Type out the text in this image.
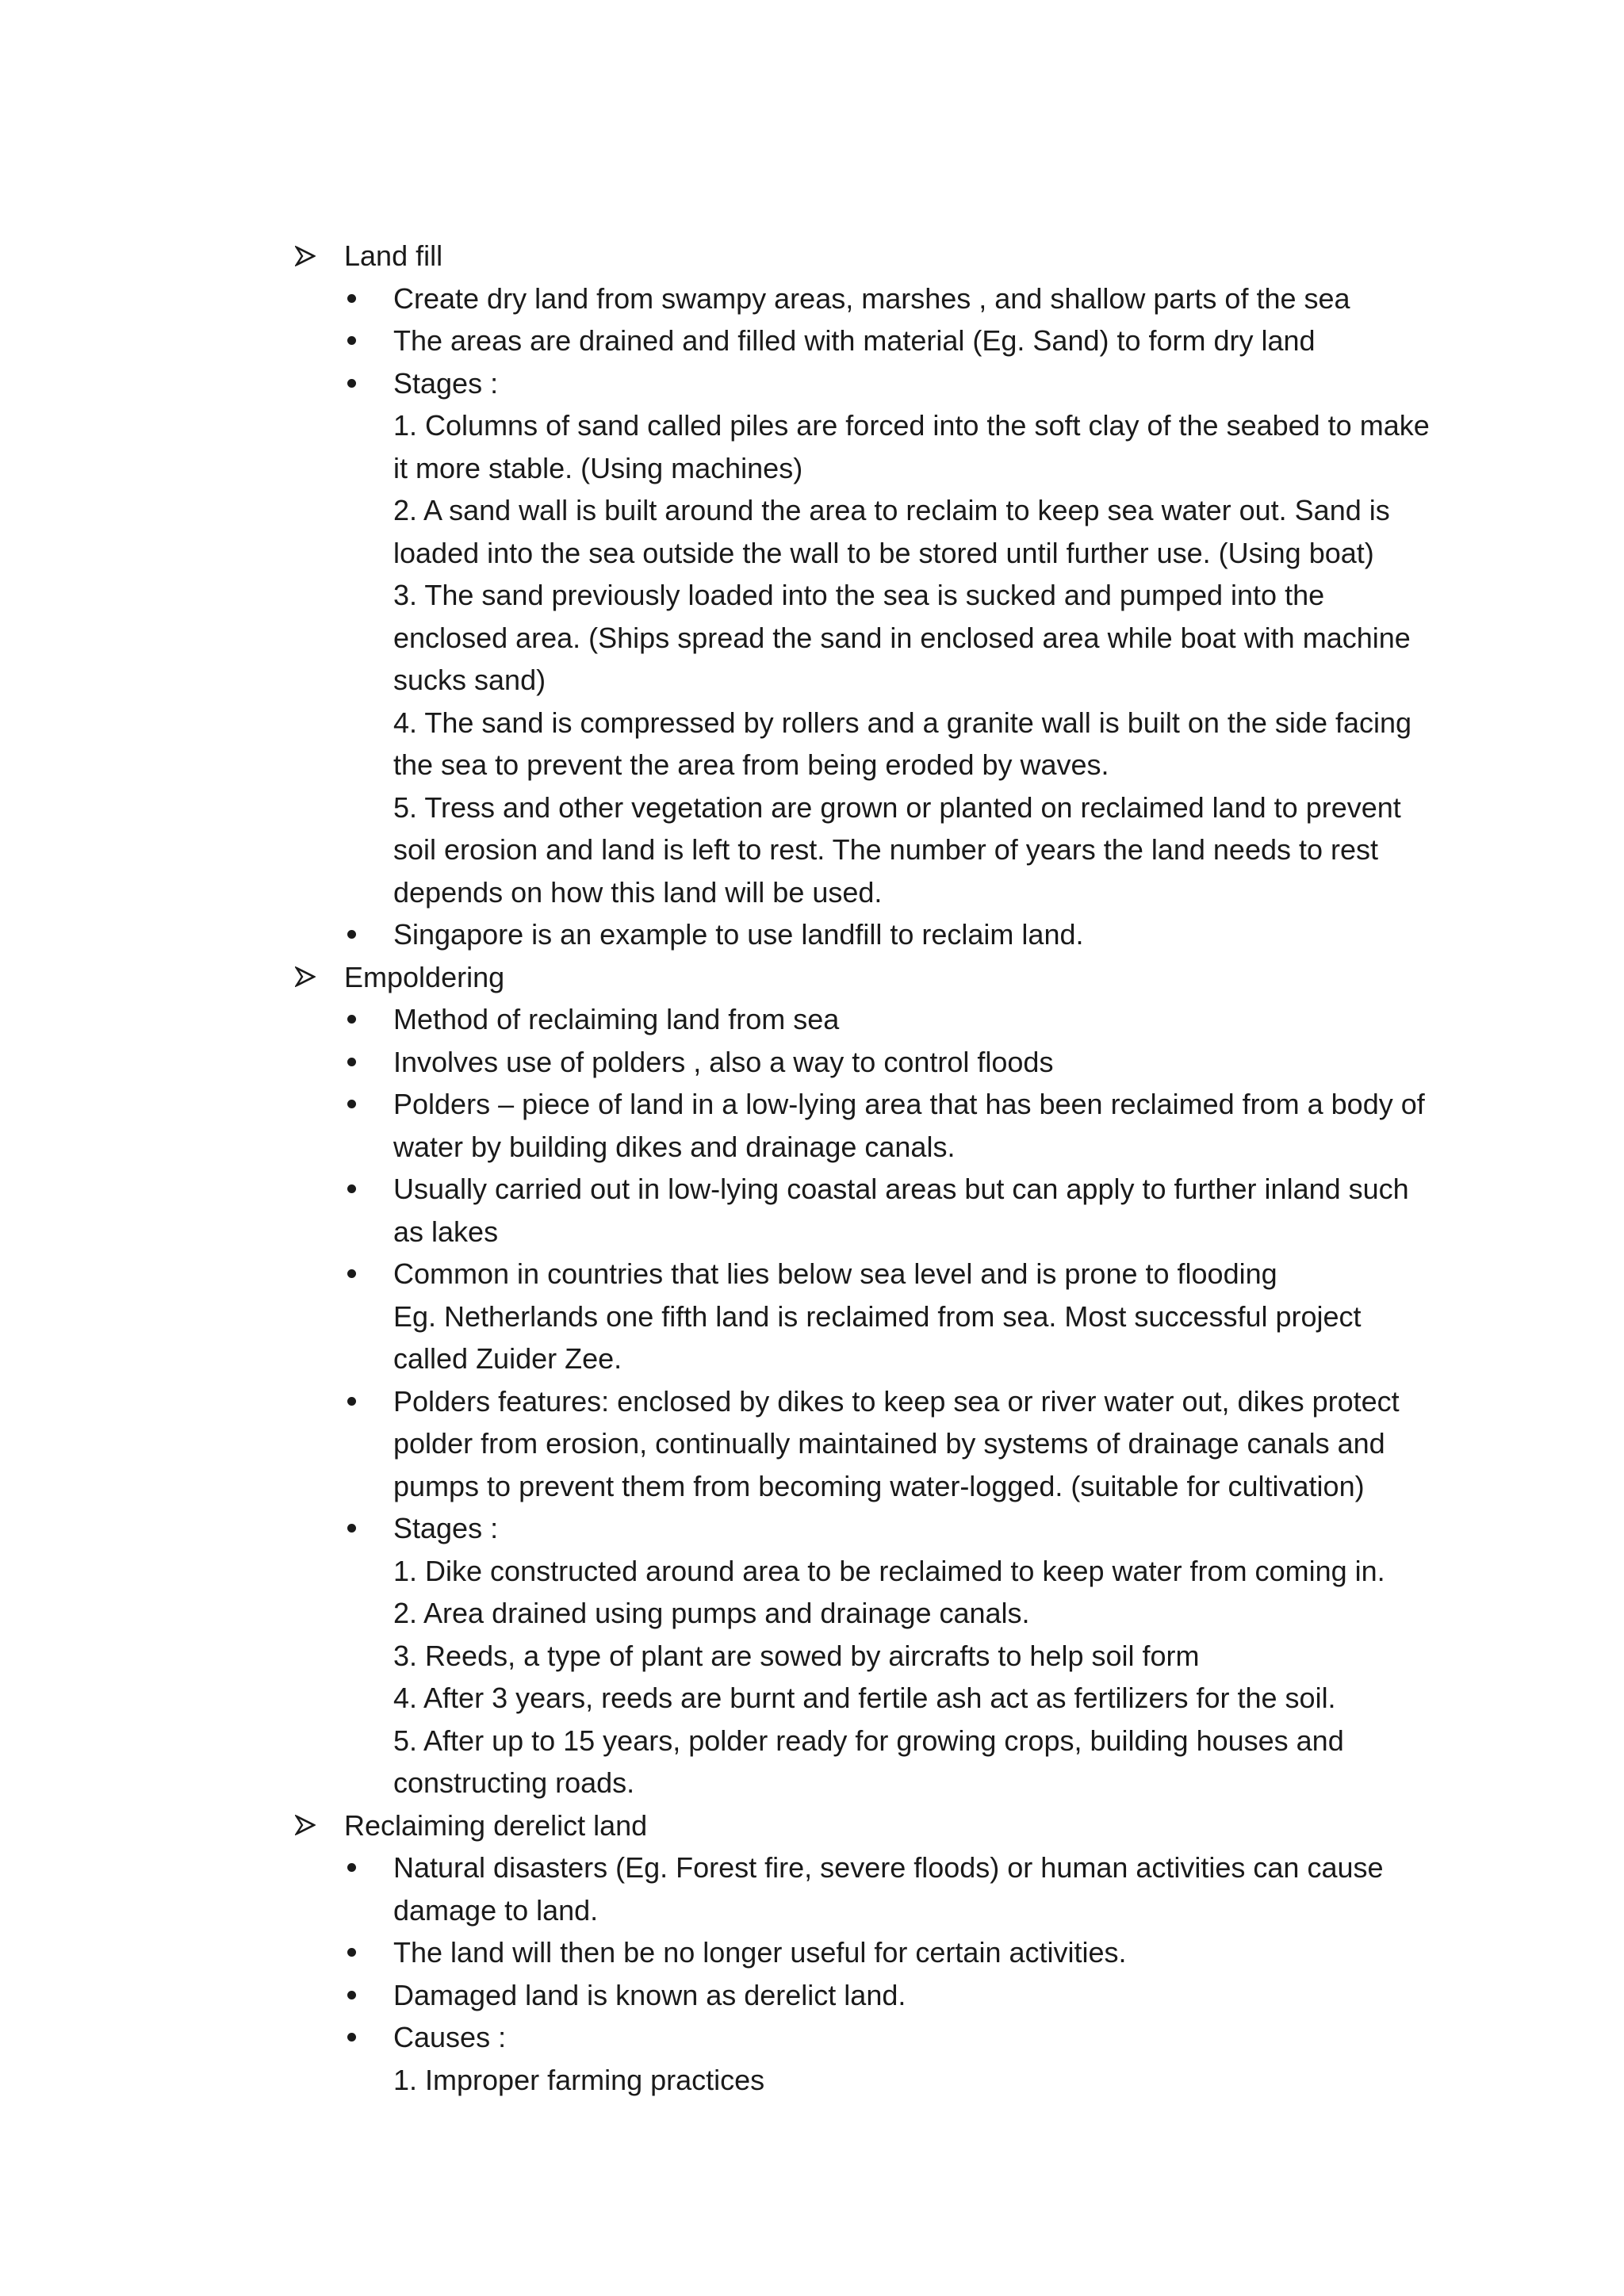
Land fill
Create dry land from swampy areas, marshes , and shallow parts of the sea
The areas are drained and filled with material (Eg. Sand) to form dry land
Stages :
1. Columns of sand called piles are forced into the soft clay of the seabed to make it more stable. (Using machines)
2. A sand wall is built around the area to reclaim to keep sea water out. Sand is loaded into the sea outside the wall to be stored until further use. (Using boat)
3. The sand previously loaded into the sea is sucked and pumped into the enclosed area. (Ships spread the sand in enclosed area while boat with machine sucks sand)
4. The sand is compressed by rollers and a granite wall is built on the side facing the sea to prevent the area from being eroded by waves.
5. Tress and other vegetation are grown or planted on reclaimed land to prevent soil erosion and land is left to rest. The number of years the land needs to rest depends on how this land will be used.
Singapore is an example to use landfill to reclaim land.
Empoldering
Method of reclaiming land from sea
Involves use of polders , also a way to control floods
Polders – piece of land in a low-lying area that has been reclaimed from a body of water by building dikes and drainage canals.
Usually carried out in low-lying coastal areas but can apply to further inland such as lakes
Common in countries that lies below sea level and is prone to flooding
Eg. Netherlands one fifth land is reclaimed from sea. Most successful project called Zuider Zee.
Polders features: enclosed by dikes to keep sea or river water out, dikes protect polder from erosion, continually maintained by systems of drainage canals and pumps to prevent them from becoming water-logged. (suitable for cultivation)
Stages :
1. Dike constructed around area to be reclaimed to keep water from coming in.
2. Area drained using pumps and drainage canals.
3. Reeds, a type of plant are sowed by aircrafts to help soil form
4. After 3 years, reeds are burnt and fertile ash act as fertilizers for the soil.
5. After up to 15 years, polder ready for growing crops, building houses and constructing roads.
Reclaiming derelict land
Natural disasters (Eg. Forest fire, severe floods) or human activities can cause damage to land.
The land will then be no longer useful for certain activities.
Damaged land is known as derelict land.
Causes :
1. Improper farming practices
